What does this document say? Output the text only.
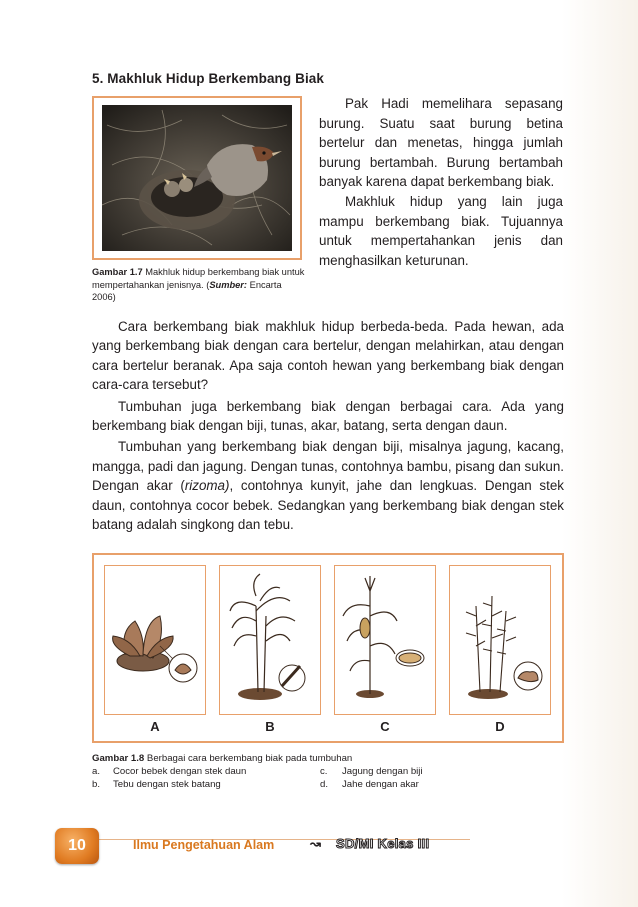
5. Makhluk Hidup Berkembang Biak
Gambar 1.7 Makhluk hidup berkembang biak untuk mempertahankan jenisnya. (Sumber: Encarta 2006)

Pak Hadi memelihara sepasang burung. Suatu saat burung betina bertelur dan menetas, hingga jumlah burung bertambah. Burung bertambah banyak karena dapat berkembang biak.

Makhluk hidup yang lain juga mampu berkembang biak. Tujuannya untuk mempertahankan jenis dan menghasilkan keturunan.

Cara berkembang biak makhluk hidup berbeda-beda. Pada hewan, ada yang berkembang biak dengan cara bertelur, dengan melahirkan, atau dengan cara bertelur beranak. Apa saja contoh hewan yang berkembang biak dengan cara-cara tersebut?

Tumbuhan juga berkembang biak dengan berbagai cara. Ada yang berkembang biak dengan biji, tunas, akar, batang, serta dengan daun.

Tumbuhan yang berkembang biak dengan biji, misalnya jagung, kacang, mangga, padi dan jagung. Dengan tunas, contohnya bambu, pisang dan sukun. Dengan akar (rizoma), contohnya kunyit, jahe dan lengkuas. Dengan stek daun, contohnya cocor bebek. Sedangkan yang berkembang biak dengan stek batang adalah singkong dan tebu.

A	B	C	D
Gambar 1.8 Berbagai cara berkembang biak pada tumbuhan
a. Cocor bebek dengan stek daun	c. Jagung dengan biji
b. Tebu dengan stek batang	d. Jahe dengan akar
10	Ilmu Pengetahuan Alam	↝ SD/MI Kelas III
